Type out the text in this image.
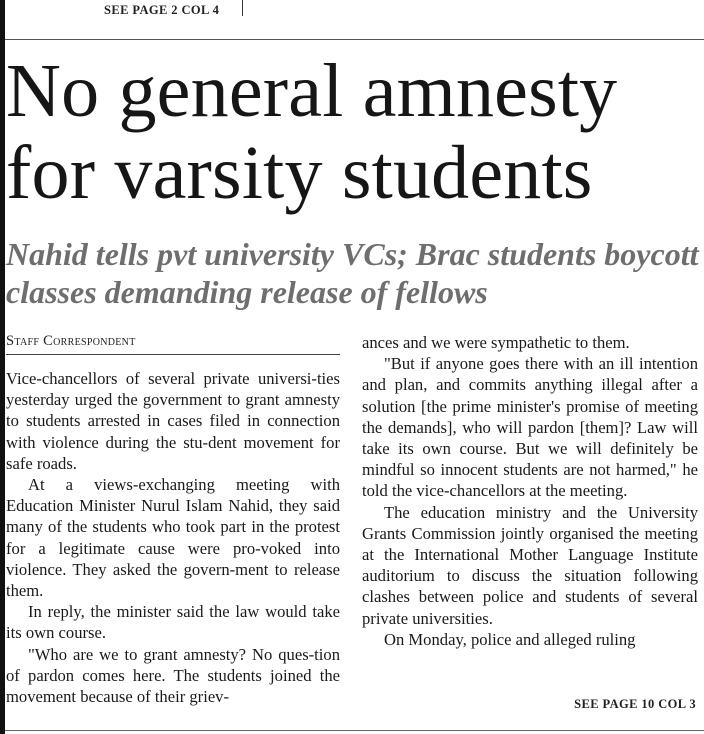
SEE PAGE 2 COL 4
No general amnesty for varsity students
Nahid tells pvt university VCs; Brac students boycott classes demanding release of fellows
Staff Correspondent

Vice-chancellors of several private universi-ties yesterday urged the government to grant amnesty to students arrested in cases filed in connection with violence during the stu-dent movement for safe roads.

At a views-exchanging meeting with Education Minister Nurul Islam Nahid, they said many of the students who took part in the protest for a legitimate cause were pro-voked into violence. They asked the govern-ment to release them.

In reply, the minister said the law would take its own course.

"Who are we to grant amnesty? No ques-tion of pardon comes here. The students joined the movement because of their griev-

ances and we were sympathetic to them.

"But if anyone goes there with an ill intention and plan, and commits anything illegal after a solution [the prime minister's promise of meeting the demands], who will pardon [them]? Law will take its own course. But we will definitely be mindful so innocent students are not harmed," he told the vice-chancellors at the meeting.

The education ministry and the University Grants Commission jointly organised the meeting at the International Mother Language Institute auditorium to discuss the situation following clashes between police and students of several private universities.

On Monday, police and alleged ruling

SEE PAGE 10 COL 3
